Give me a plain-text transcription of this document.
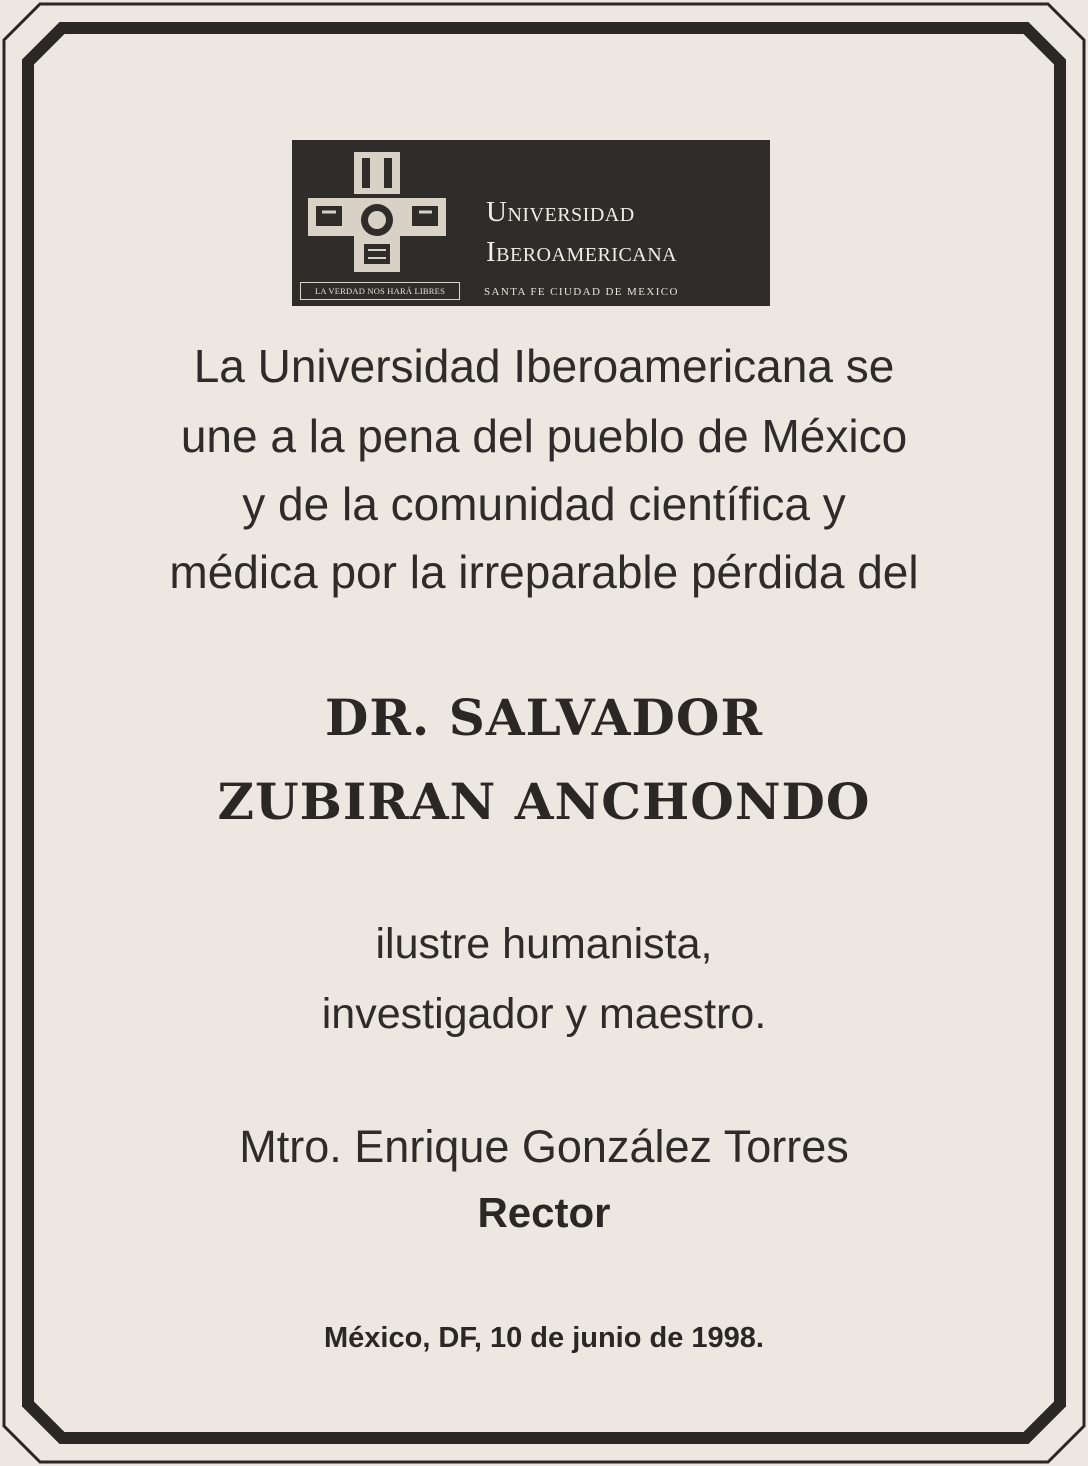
LA VERDAD NOS HARÁ LIBRES
Universidad
Iberoamericana
SANTA FE CIUDAD DE MEXICO
La Universidad Iberoamericana se
une a la pena del pueblo de México
y de la comunidad científica y
médica por la irreparable pérdida del
DR. SALVADOR
ZUBIRAN ANCHONDO
ilustre humanista,
investigador y maestro.
Mtro. Enrique González Torres
Rector
México, DF, 10 de junio de 1998.
